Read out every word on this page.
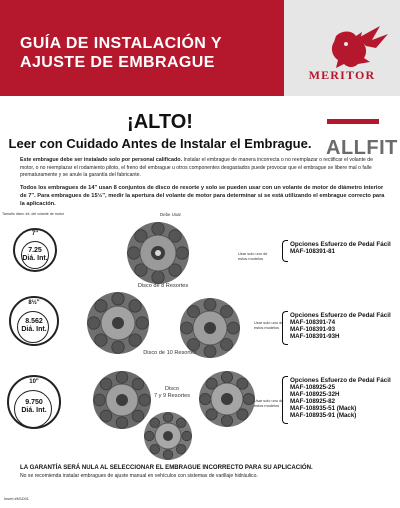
GUÍA DE INSTALACIÓN Y
AJUSTE DE EMBRAGUE
MERITOR
¡ALTO!
Leer con Cuidado Antes de Instalar el Embrague. ALLFIT
Este embrague debe ser instalado solo por personal calificado. Instalar el embrague de manera incorrecta o no reemplazar o rectificar el volante de motor, o no reemplazar el rodamiento piloto, el freno del embrague u otros componentes desgastados puede provocar que el embrague se libere mal o falle prematuramente y se anule la garantía del fabricante.
Todos los embragues de 14" usan 8 conjuntos de disco de resorte y solo se pueden usar con un volante de motor de diámetro interior de 7". Para embragues de 15½", medir la apertura del volante de motor para determinar si se está utilizando el embrague correcto para la aplicación.
Tamaño diam. int. del volante de motor	Debe Usar
7"
7.25
Diá. Int.
Disco de 8 Resortes
Usar solo uno de estos modelos
Opciones Esfuerzo de Pedal Fácil
MAF-108391-81
8½"
8.562
Diá. Int.
Disco de 10 Resortes
Usar solo uno de estos modelos
Opciones Esfuerzo de Pedal Fácil
MAF-108391-74
MAF-108391-93
MAF-108391-93H
10"
9.750
Diá. Int.
Disco
7 y 9 Resortes
Usar solo uno de estos modelos
Opciones Esfuerzo de Pedal Fácil
MAF-108925-25
MAF-108925-32H
MAF-108925-82
MAF-108935-51 (Mack)
MAF-108935-91 (Mack)
LA GARANTÍA SERÁ NULA AL SELECCIONAR EL EMBRAGUE INCORRECTO PARA SU APLICACIÓN.
No se recomienda instalar embragues de ajuste manual en vehículos con sistemas de varillaje hidráulico.
Insert #M1D01
